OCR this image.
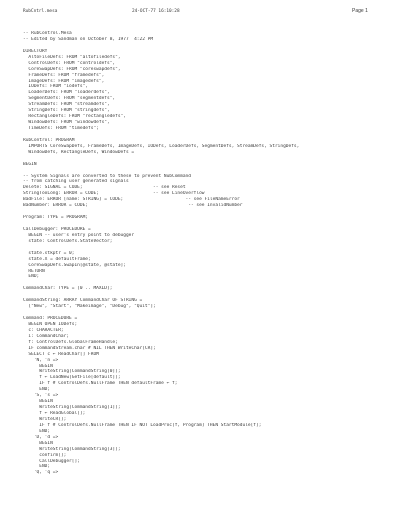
RubCntrl.mesa	24-OCT-77 16:10:28	Page 1
-- RubControl.Mesa
-- Edited by Sandman on October 8, 1977  4:22 PM
DIRECTORY
AltoFileDefs: FROM "altofiledefs",
ControlDefs: FROM "controldefs",
CoreSwapDefs: FROM "coreswapdefs",
FrameDefs: FROM "framedefs",
ImageDefs: FROM "imagedefs",
IODefs: FROM "iodefs",
LoaderDefs: FROM "loaderdefs",
SegmentDefs: FROM "segmentdefs",
StreamDefs: FROM "streamdefs",
StringDefs: FROM "stringdefs",
RectangleDefs: FROM "rectangledefs",
WindowDefs: FROM "windowdefs",
TimeDefs: FROM "timedefs";
RubControl: PROGRAM
IMPORTS CoreSwapDefs, FrameDefs, ImageDefs, IODefs, LoaderDefs, SegmentDefs, StreamDefs, StringDefs,
WindowDefs, RectangleDefs, WindowDefs =
BEGIN
-- System Signals are converted to these to prevent NubCommand
-- from catching user generated signals
Delete: SIGNAL = CODE;                          -- see Reset
StringTooLong: ERROR = CODE;                    -- see LineOverflow
BadFile: ERROR [name: STRING] = CODE;                       -- see FileNameError
BadNumber: ERROR = CODE;                                     -- see InvalidNumber
Program: TYPE = PROGRAM;
CallDebugger: PROCEDURE =
BEGIN -- user's entry point to debugger
state: ControlDefs.StateVector;
state.stkptr = 0;
state.X = defaultFrame;
CoreSwapDefs.SwapIn[@state, @state];
RETURN
END;
CommandChar: TYPE = [0 .. MAXLD];
CommandString: ARRAY CommandChar OF STRING =
["New", "Start", "Makeimage", "Debug", "Quit"];
Command: PROCEDURE =
BEGIN OPEN IODefs;
c: CHARACTER;
i: CommandChar;
f: ControlDefs.GlobalFrameHandle;
IF commandStream.char # NIL THEN WriteChar[CR];
SELECT c ← ReadChar[] FROM
'N, 'n =>
BEGIN
WriteString[CommandString[0]];
f ← LoadNew[GetFile[default]];
IF f # ControlDefs.NullFrame THEN defaultFrame ← f;
END;
'S, 's =>
BEGIN
WriteString[CommandString[1]];
f ← ReadGlobal[];
WriteCR[];
IF f # ControlDefs.NullFrame THEN IF NOT LoadProc[f, Program] THEN StartModule[f];
END;
'D, 'd =>
BEGIN
WriteString[CommandString[3]];
confirm[];
CallDebugger[];
END;
'Q, 'q =>
